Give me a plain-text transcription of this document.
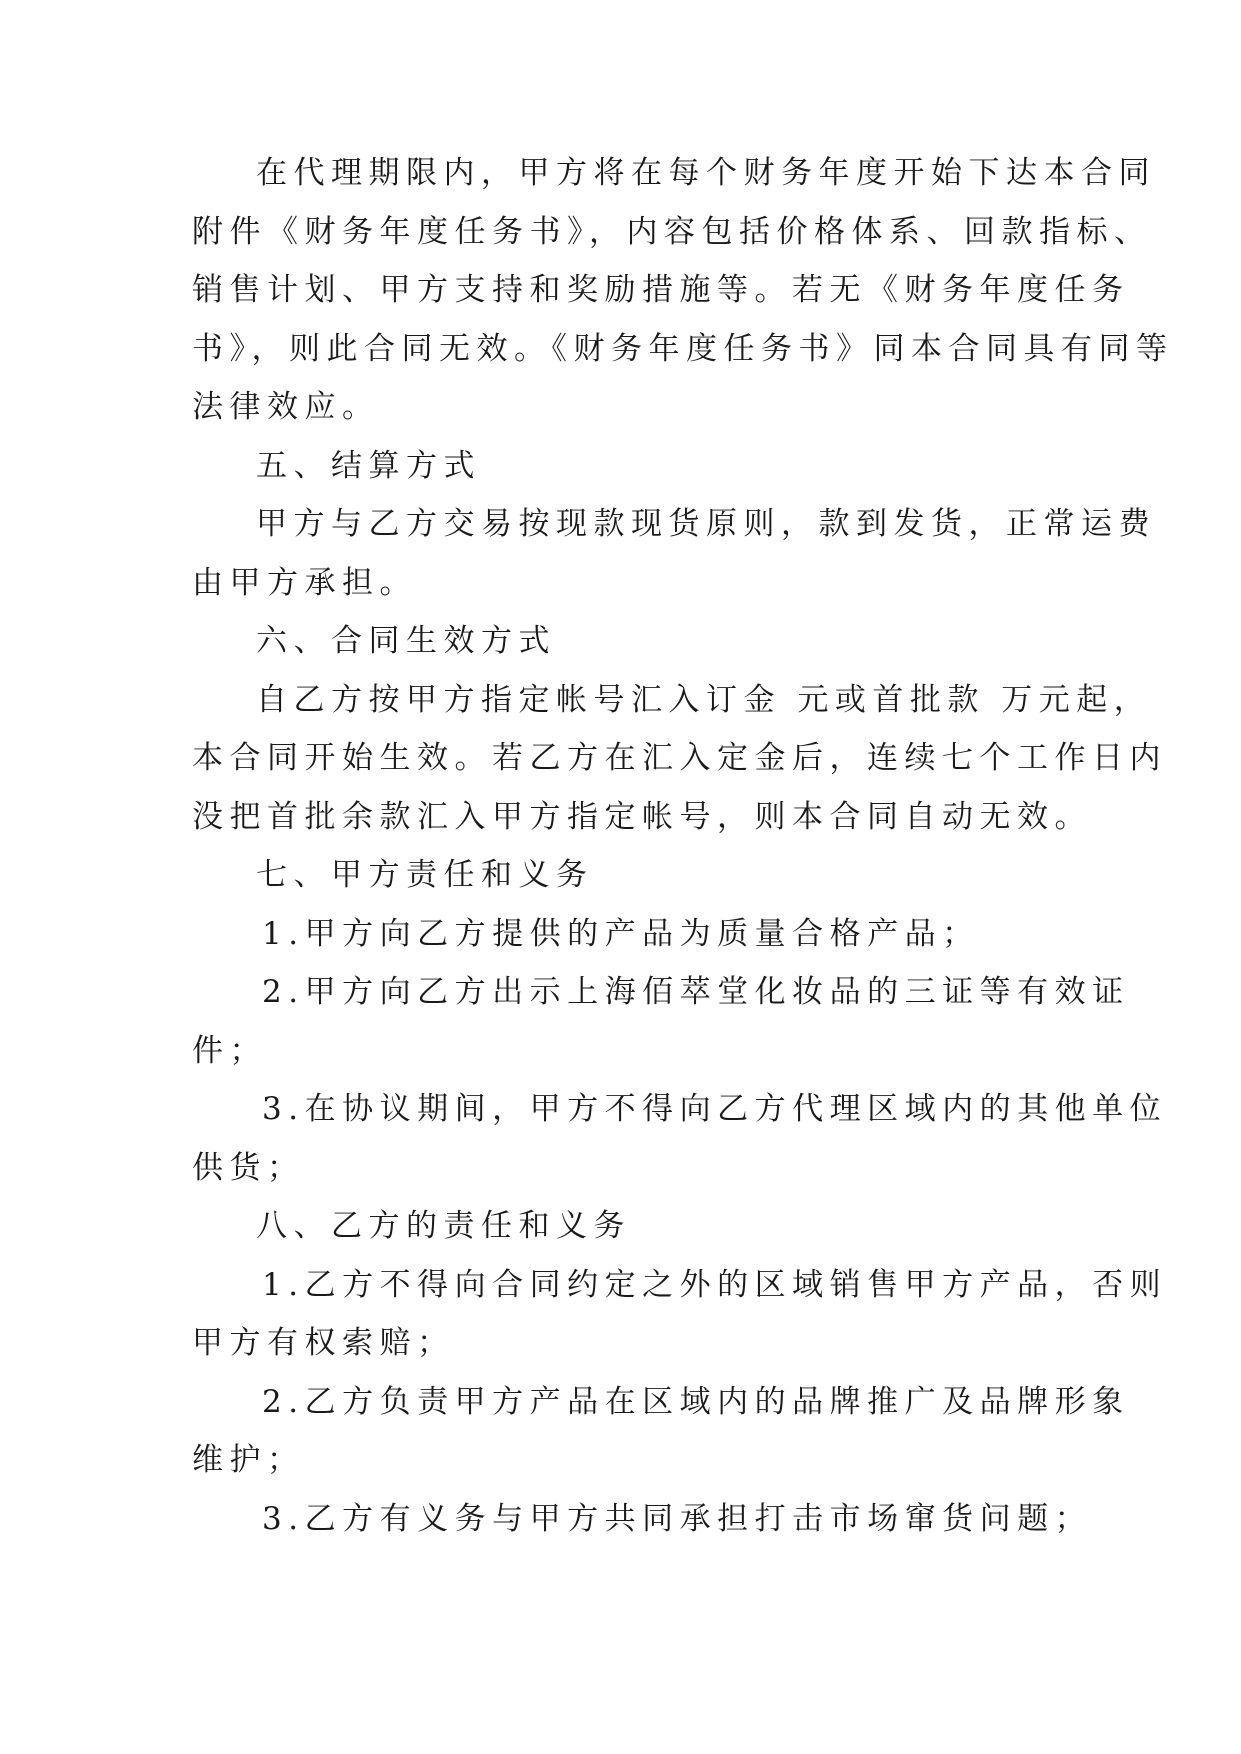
在代理期限内，甲方将在每个财务年度开始下达本合同
附件《财务年度任务书》，内容包括价格体系、回款指标、
销售计划、甲方支持和奖励措施等。若无《财务年度任务
书》，则此合同无效。《财务年度任务书》同本合同具有同等
法律效应。
五、结算方式
甲方与乙方交易按现款现货原则，款到发货，正常运费
由甲方承担。
六、合同生效方式
自乙方按甲方指定帐号汇入订金 元或首批款 万元起，
本合同开始生效。若乙方在汇入定金后，连续七个工作日内
没把首批余款汇入甲方指定帐号，则本合同自动无效。
七、甲方责任和义务
1.甲方向乙方提供的产品为质量合格产品；
2.甲方向乙方出示上海佰萃堂化妆品的三证等有效证
件；
3.在协议期间，甲方不得向乙方代理区域内的其他单位
供货；
八、乙方的责任和义务
1.乙方不得向合同约定之外的区域销售甲方产品，否则
甲方有权索赔；
2.乙方负责甲方产品在区域内的品牌推广及品牌形象
维护；
3.乙方有义务与甲方共同承担打击市场窜货问题；
